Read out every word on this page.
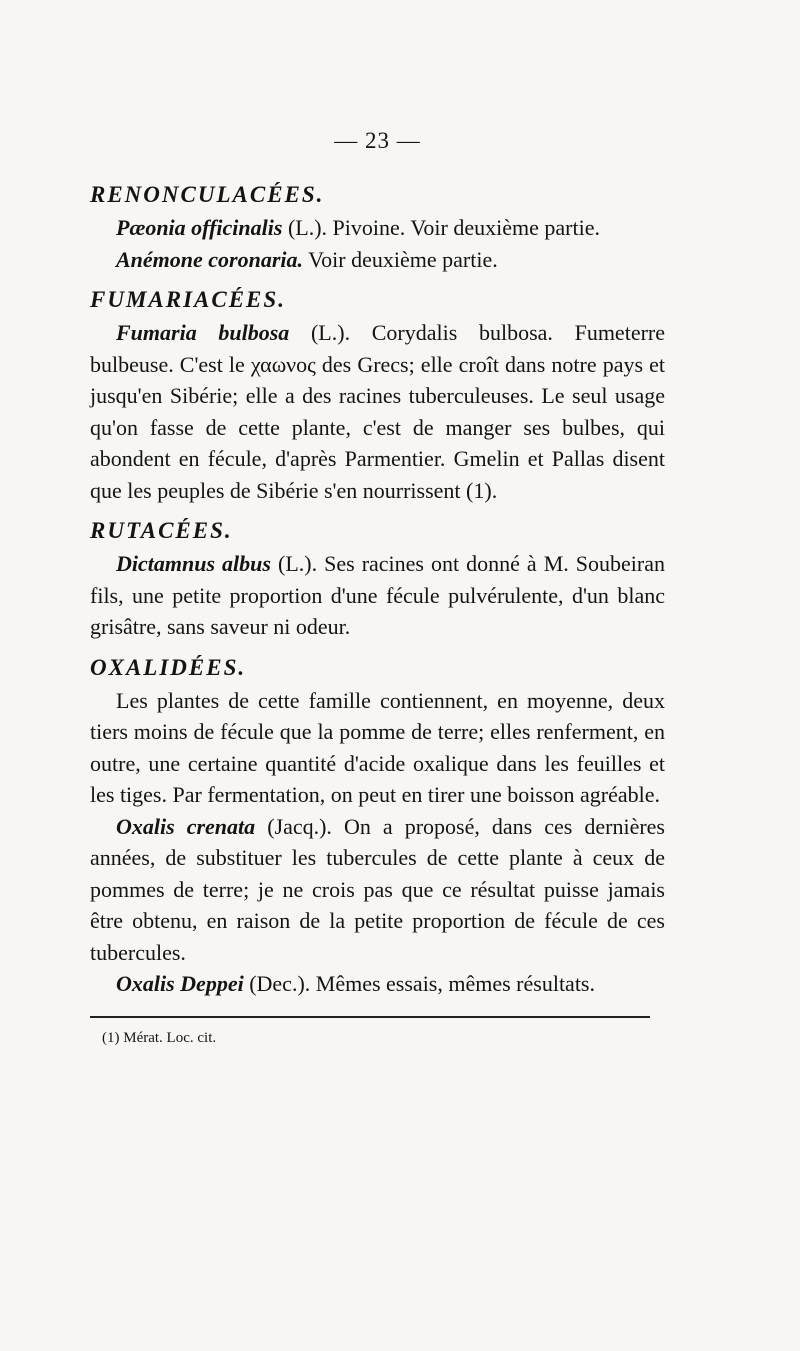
— 23 —
RENONCULACÉES.

Pæonia officinalis (L.). Pivoine. Voir deuxième partie.

Anémone coronaria. Voir deuxième partie.

FUMARIACÉES.

Fumaria bulbosa (L.). Corydalis bulbosa. Fumeterre bulbeuse. C'est le χαωνος des Grecs; elle croît dans notre pays et jusqu'en Sibérie; elle a des racines tuberculeuses. Le seul usage qu'on fasse de cette plante, c'est de manger ses bulbes, qui abondent en fécule, d'après Parmentier. Gmelin et Pallas disent que les peuples de Sibérie s'en nourrissent (1).

RUTACÉES.

Dictamnus albus (L.). Ses racines ont donné à M. Soubeiran fils, une petite proportion d'une fécule pulvérulente, d'un blanc grisâtre, sans saveur ni odeur.

OXALIDÉES.

Les plantes de cette famille contiennent, en moyenne, deux tiers moins de fécule que la pomme de terre; elles renferment, en outre, une certaine quantité d'acide oxalique dans les feuilles et les tiges. Par fermentation, on peut en tirer une boisson agréable.

Oxalis crenata (Jacq.). On a proposé, dans ces dernières années, de substituer les tubercules de cette plante à ceux de pommes de terre; je ne crois pas que ce résultat puisse jamais être obtenu, en raison de la petite proportion de fécule de ces tubercules.

Oxalis Deppei (Dec.). Mêmes essais, mêmes résultats.

(1) Mérat. Loc. cit.
